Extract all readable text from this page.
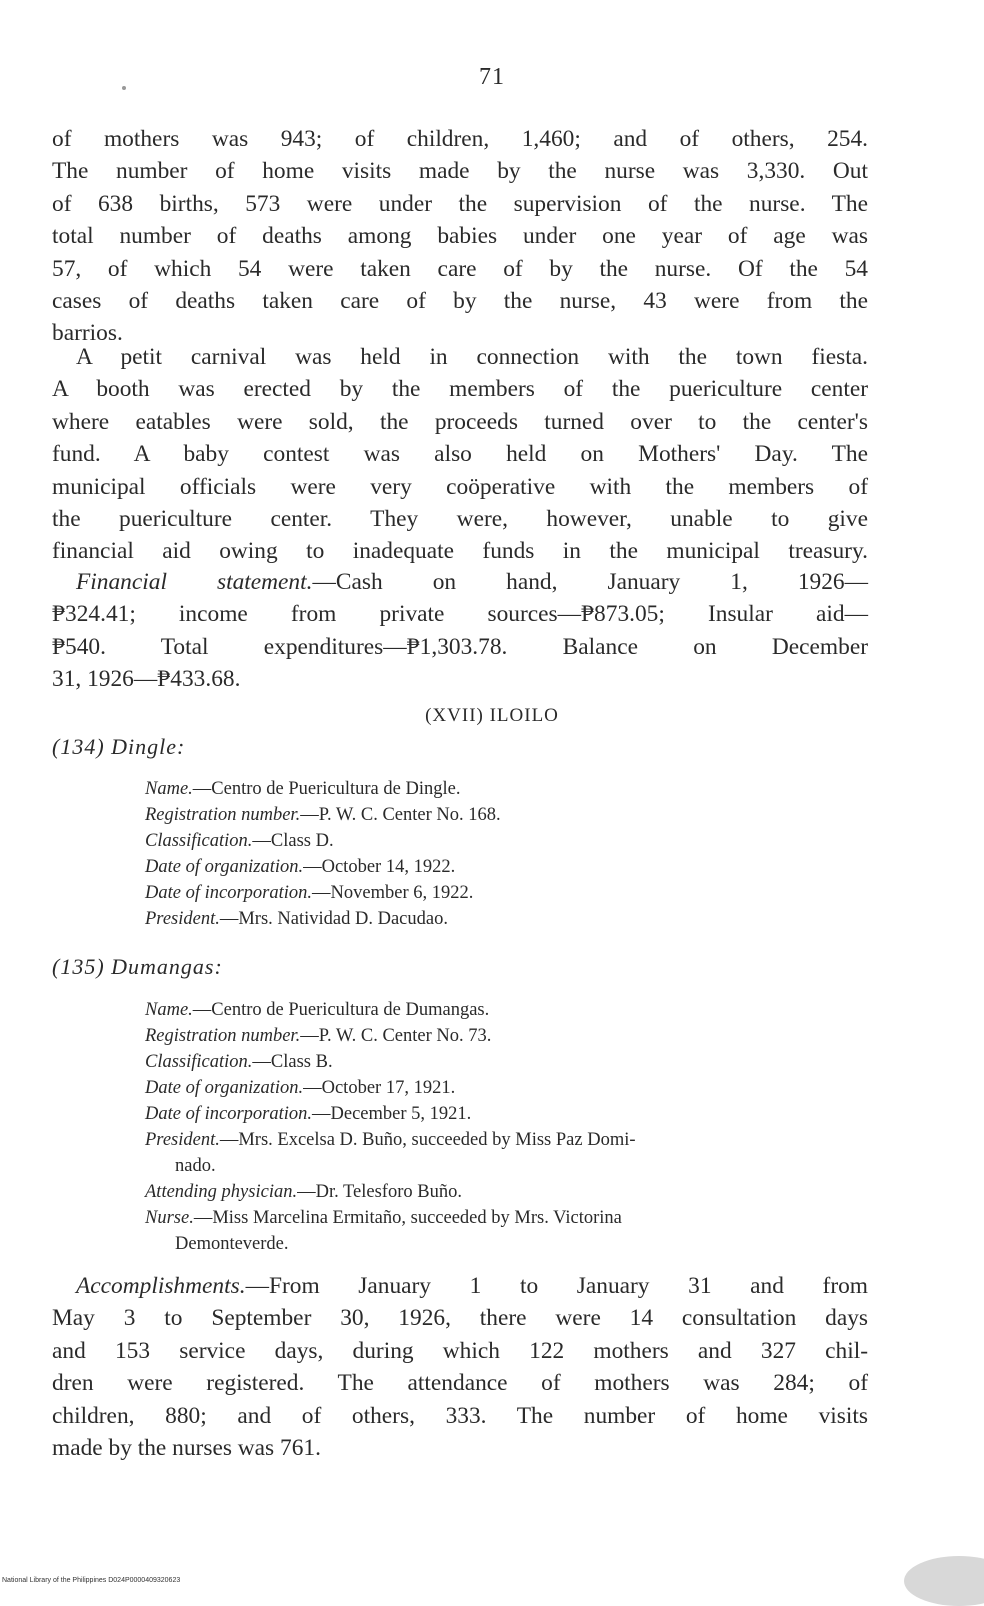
71
of mothers was 943; of children, 1,460; and of others, 254.
The number of home visits made by the nurse was 3,330. Out
of 638 births, 573 were under the supervision of the nurse. The
total number of deaths among babies under one year of age was
57, of which 54 were taken care of by the nurse. Of the 54
cases of deaths taken care of by the nurse, 43 were from the
barrios.
A petit carnival was held in connection with the town fiesta.
A booth was erected by the members of the puericulture center
where eatables were sold, the proceeds turned over to the center's
fund. A baby contest was also held on Mothers' Day. The
municipal officials were very coöperative with the members of
the puericulture center. They were, however, unable to give
financial aid owing to inadequate funds in the municipal treasury.
Financial statement.—Cash on hand, January 1, 1926—
₱324.41; income from private sources—₱873.05; Insular aid—
₱540. Total expenditures—₱1,303.78. Balance on December
31, 1926—₱433.68.
(XVII) ILOILO
(134) Dingle:
Name.—Centro de Puericultura de Dingle.
Registration number.—P. W. C. Center No. 168.
Classification.—Class D.
Date of organization.—October 14, 1922.
Date of incorporation.—November 6, 1922.
President.—Mrs. Natividad D. Dacudao.
(135) Dumangas:
Name.—Centro de Puericultura de Dumangas.
Registration number.—P. W. C. Center No. 73.
Classification.—Class B.
Date of organization.—October 17, 1921.
Date of incorporation.—December 5, 1921.
President.—Mrs. Excelsa D. Buño, succeeded by Miss Paz Domi-
nado.
Attending physician.—Dr. Telesforo Buño.
Nurse.—Miss Marcelina Ermitaño, succeeded by Mrs. Victorina
Demonteverde.
Accomplishments.—From January 1 to January 31 and from
May 3 to September 30, 1926, there were 14 consultation days
and 153 service days, during which 122 mothers and 327 chil-
dren were registered. The attendance of mothers was 284; of
children, 880; and of others, 333. The number of home visits
made by the nurses was 761.
National Library of the Philippines D024P0000409320623
